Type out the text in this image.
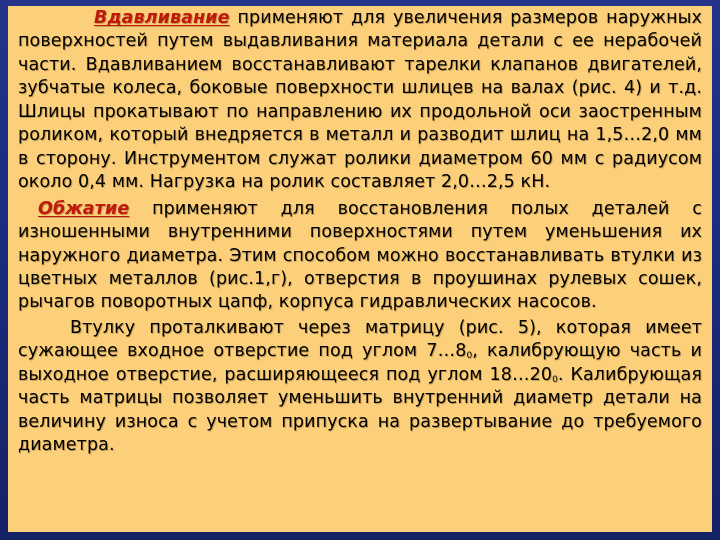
Вдавливание применяют для увеличения размеров наружных поверхностей путем выдавливания материала детали с ее нерабочей части. Вдавливанием восстанавливают тарелки клапанов двигателей, зубчатые колеса, боковые поверхности шлицев на валах (рис. 4) и т.д. Шлицы прокатывают по направлению их продольной оси заостренным роликом, который внедряется в металл и разводит шлиц на 1,5…2,0 мм в сторону. Инструментом служат ролики диаметром 60 мм с радиусом около 0,4 мм. Нагрузка на ролик составляет 2,0…2,5 кН.

Обжатие применяют для восстановления полых деталей с изношенными внутренними поверхностями путем уменьшения их наружного диаметра. Этим способом можно восстанавливать втулки из цветных металлов (рис.1,г), отверстия в проушинах рулевых сошек, рычагов поворотных цапф, корпуса гидравлических насосов.

Втулку проталкивают через матрицу (рис. 5), которая имеет сужающее входное отверстие под углом $7\dots 8_0$, калибрующую часть и выходное отверстие, расширяющееся под углом $18\dots 20_0$. Калибрующая часть матрицы позволяет уменьшить внутренний диаметр детали на величину износа с учетом припуска на развертывание до требуемого диаметра.
